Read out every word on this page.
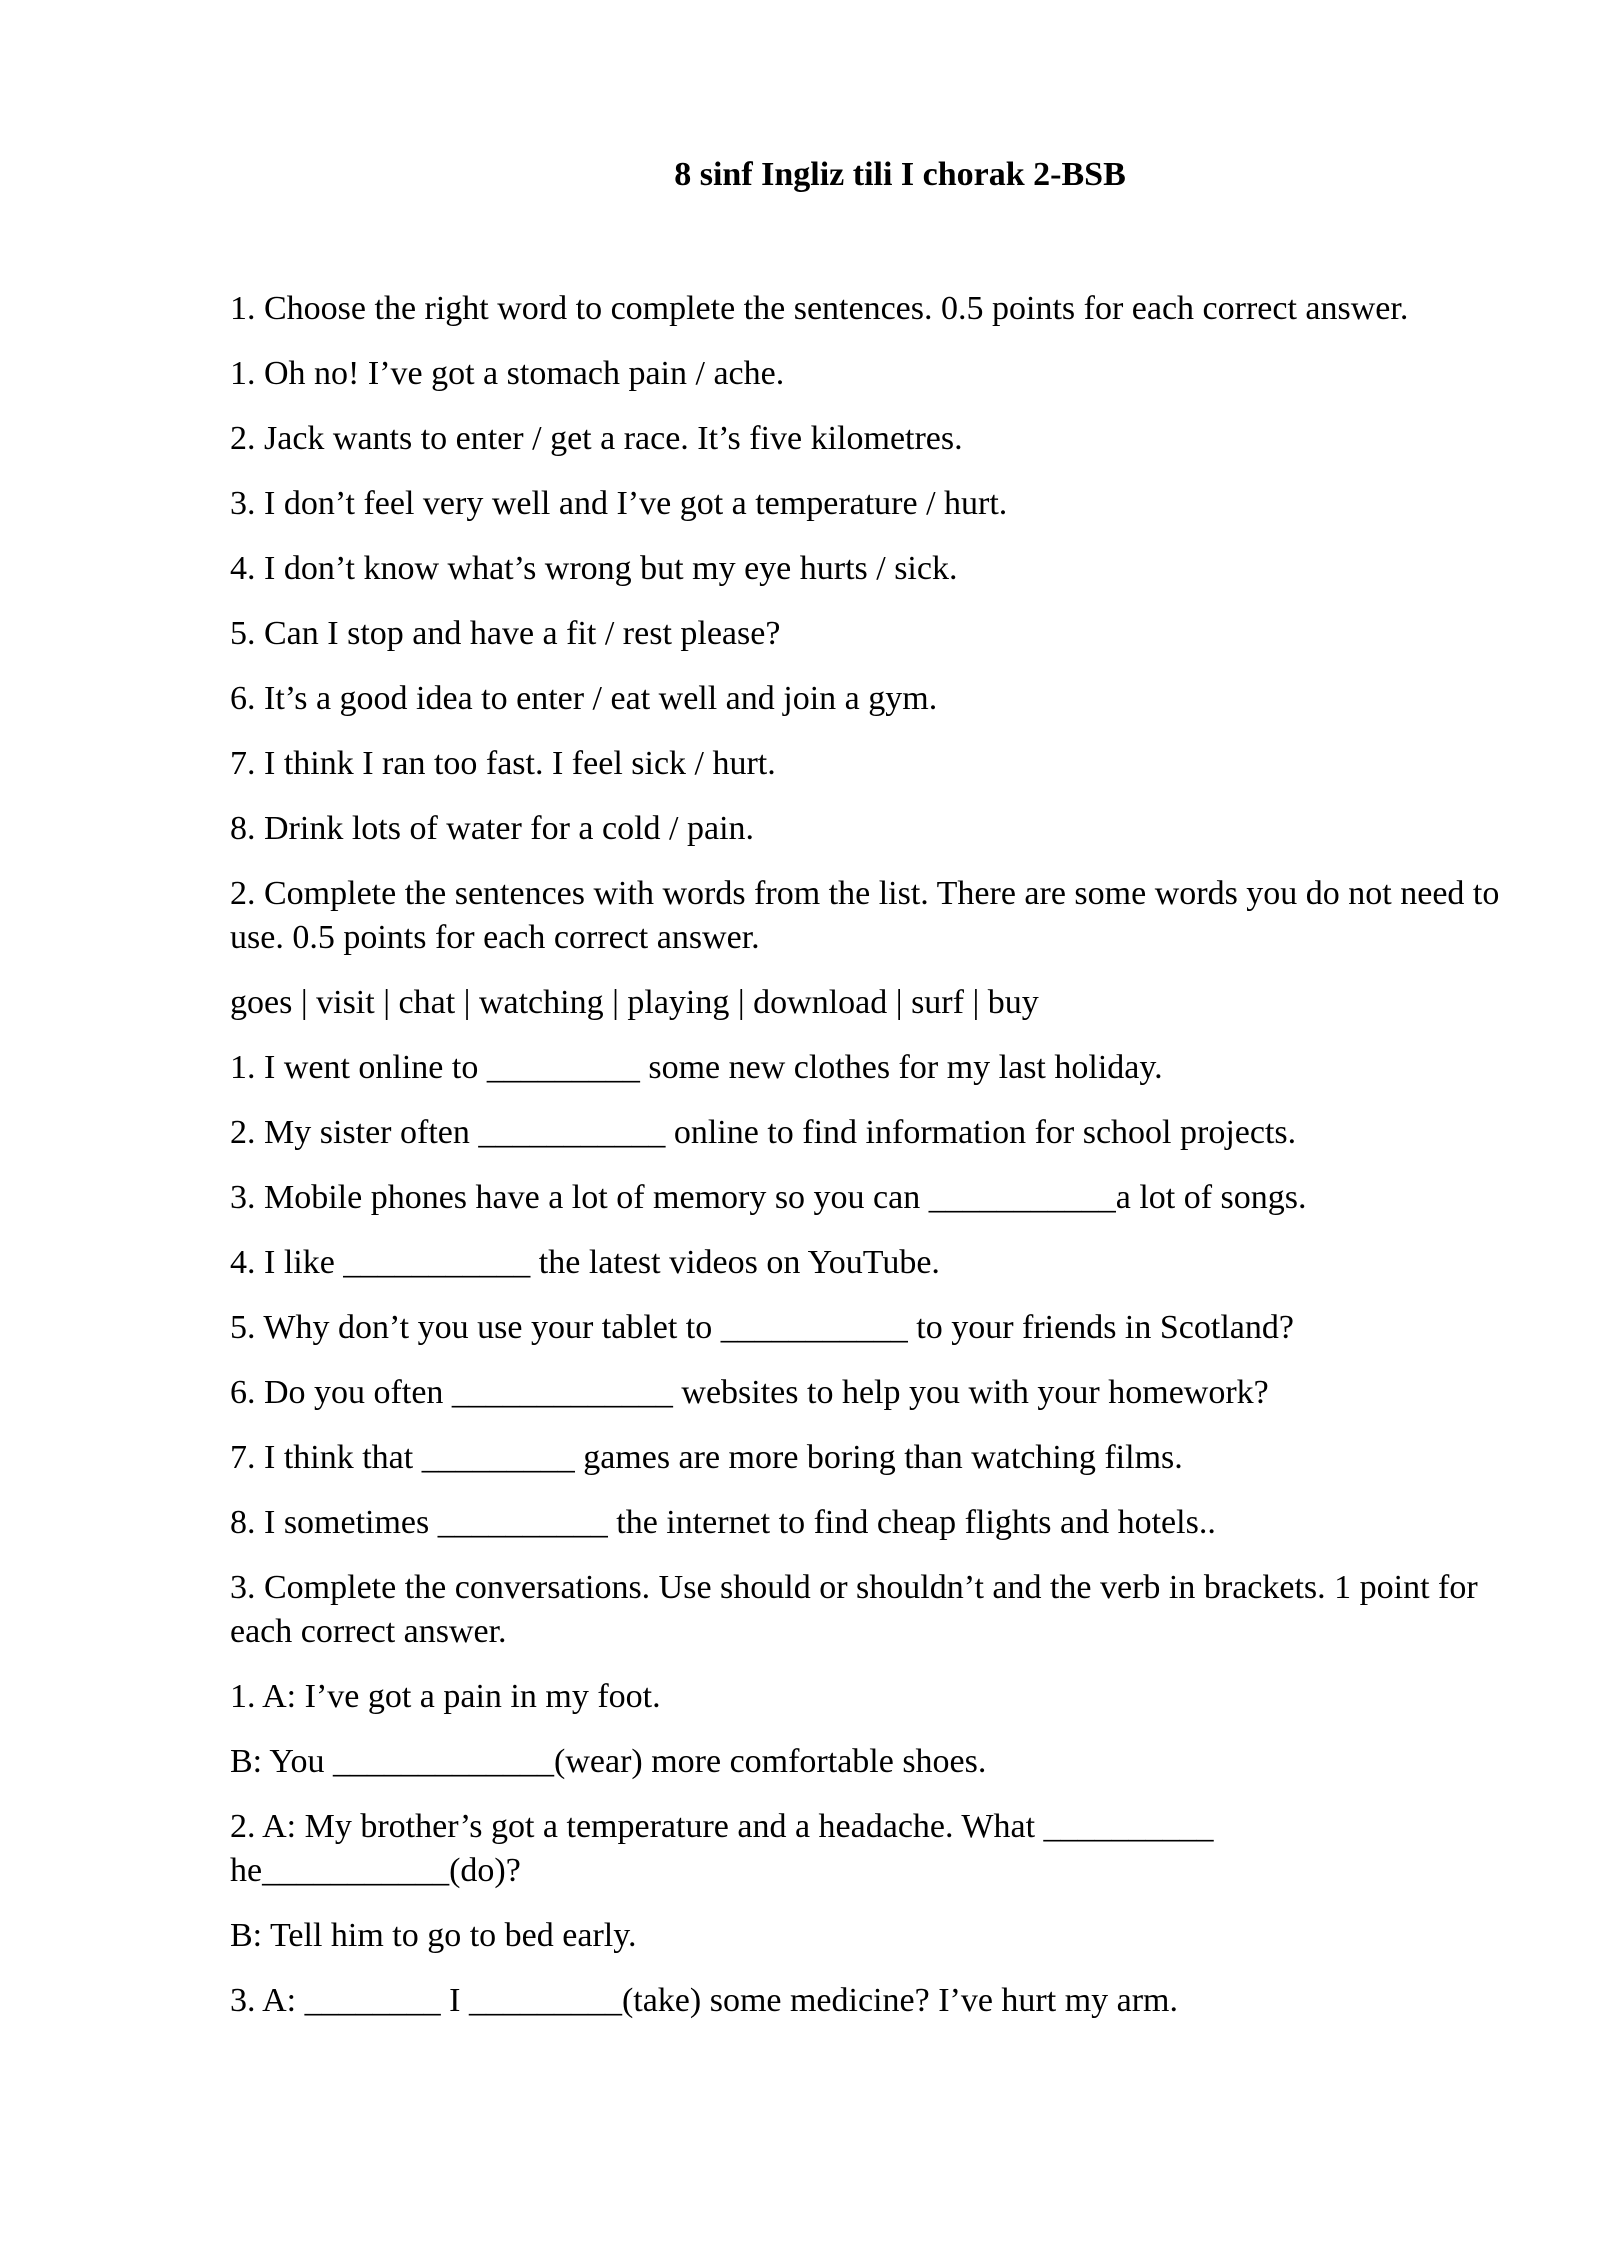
8 sinf Ingliz tili I chorak 2-BSB

1. Choose the right word to complete the sentences. 0.5 points for each correct answer.

1. Oh no! I’ve got a stomach pain / ache.

2. Jack wants to enter / get a race. It’s five kilometres.

3. I don’t feel very well and I’ve got a temperature / hurt.

4. I don’t know what’s wrong but my eye hurts / sick.

5. Can I stop and have a fit / rest please?

6. It’s a good idea to enter / eat well and join a gym.

7. I think I ran too fast. I feel sick / hurt.

8. Drink lots of water for a cold / pain.

2. Complete the sentences with words from the list. There are some words you do not need to use. 0.5 points for each correct answer.

goes | visit | chat | watching | playing | download | surf | buy

1. I went online to _________ some new clothes for my last holiday.

2. My sister often ___________ online to find information for school projects.

3. Mobile phones have a lot of memory so you can ___________a lot of songs.

4. I like ___________ the latest videos on YouTube.

5. Why don’t you use your tablet to ___________ to your friends in Scotland?

6. Do you often _____________ websites to help you with your homework?

7. I think that _________ games are more boring than watching films.

8. I sometimes __________ the internet to find cheap flights and hotels..

3. Complete the conversations. Use should or shouldn’t and the verb in brackets. 1 point for each correct answer.

1. A: I’ve got a pain in my foot.

B: You _____________(wear) more comfortable shoes.

2. A: My brother’s got a temperature and a headache. What __________ he___________(do)?

B: Tell him to go to bed early.

3. A: ________ I _________(take) some medicine? I’ve hurt my arm.
